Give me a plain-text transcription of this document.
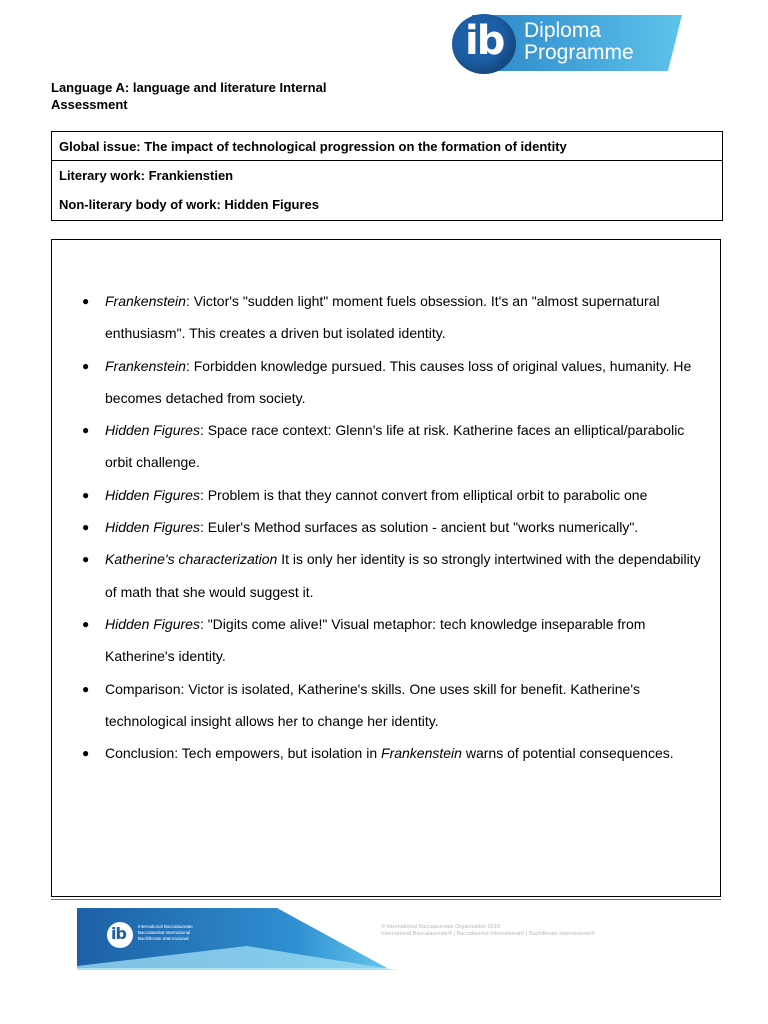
ib Diploma
Programme
Language A: language and literature Internal Assessment
Global issue: The impact of technological progression on the formation of identity
Literary work: Frankienstien
Non-literary body of work: Hidden Figures
● Frankenstein: Victor's "sudden light" moment fuels obsession. It's an "almost supernatural enthusiasm". This creates a driven but isolated identity.
● Frankenstein: Forbidden knowledge pursued. This causes loss of original values, humanity. He becomes detached from society.
● Hidden Figures: Space race context: Glenn's life at risk. Katherine faces an elliptical/parabolic orbit challenge.
● Hidden Figures: Problem is that they cannot convert from elliptical orbit to parabolic one
● Hidden Figures: Euler's Method surfaces as solution - ancient but "works numerically".
● Katherine's characterization It is only her identity is so strongly intertwined with the dependability of math that she would suggest it.
● Hidden Figures: "Digits come alive!" Visual metaphor: tech knowledge inseparable from Katherine's identity.
● Comparison: Victor is isolated, Katherine's skills. One uses skill for benefit. Katherine's technological insight allows her to change her identity.
● Conclusion: Tech empowers, but isolation in Frankenstein warns of potential consequences.
ib	International Baccalaureate
Baccalauréat International
Bachillerato Internacional
© International Baccalaureate Organization 2018
International Baccalaureate® | Baccalauréat International® | Bachillerato Internacional®
